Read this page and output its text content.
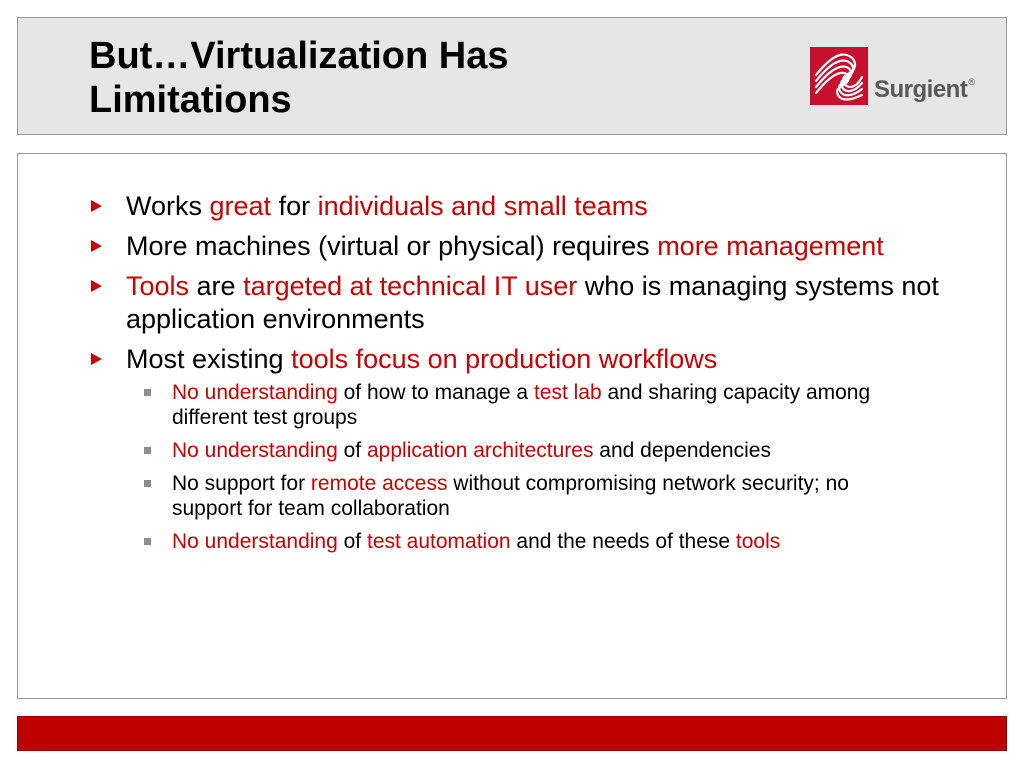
But…Virtualization Has
Limitations	Surgient®
Works great for individuals and small teams
More machines (virtual or physical) requires more management
Tools are targeted at technical IT user who is managing systems not application environments
Most existing tools focus on production workflows
No understanding of how to manage a test lab and sharing capacity among different test groups
No understanding of application architectures and dependencies
No support for remote access without compromising network security; no support for team collaboration
No understanding of test automation and the needs of these tools
